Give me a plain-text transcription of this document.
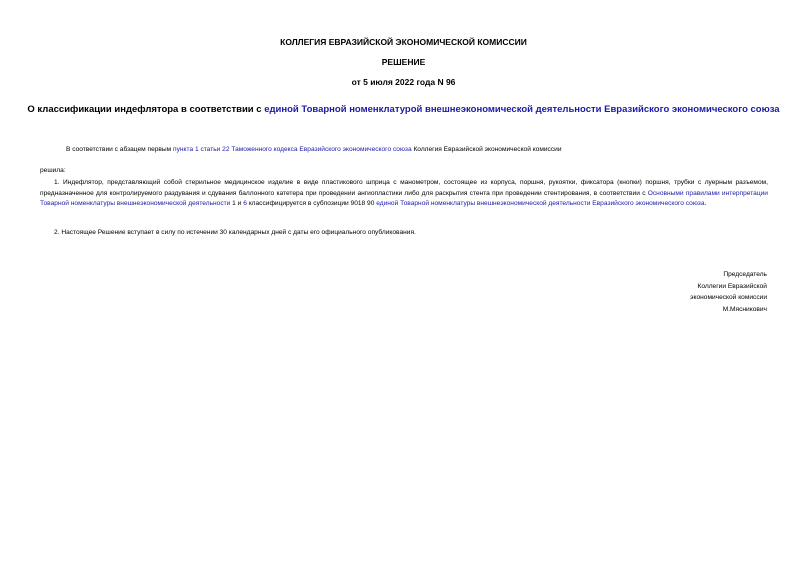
КОЛЛЕГИЯ ЕВРАЗИЙСКОЙ ЭКОНОМИЧЕСКОЙ КОМИССИИ
РЕШЕНИЕ
от 5 июля 2022 года N 96
О классификации индефлятора в соответствии с единой Товарной номенклатурой внешнеэкономической деятельности Евразийского экономического союза
В соответствии с абзацем первым пункта 1 статьи 22 Таможенного кодекса Евразийского экономического союза Коллегия Евразийской экономической комиссии
решила:

1. Индефлятор, представляющий собой стерильное медицинское изделие в виде пластикового шприца с манометром, состоящее из корпуса, поршня, рукоятки, фиксатора (кнопки) поршня, трубки с луерным разъемом, предназначенное для контролируемого раздувания и сдувания баллонного катетера при проведении ангиопластики либо для раскрытия стента при проведении стентирования, в соответствии с Основными правилами интерпретации Товарной номенклатуры внешнеэкономической деятельности 1 и 6 классифицируется в субпозиции 9018 90 единой Товарной номенклатуры внешнеэкономической деятельности Евразийского экономического союза.

2. Настоящее Решение вступает в силу по истечении 30 календарных дней с даты его официального опубликования.
Председатель
Коллегии Евразийской
экономической комиссии
М.Мясникович
